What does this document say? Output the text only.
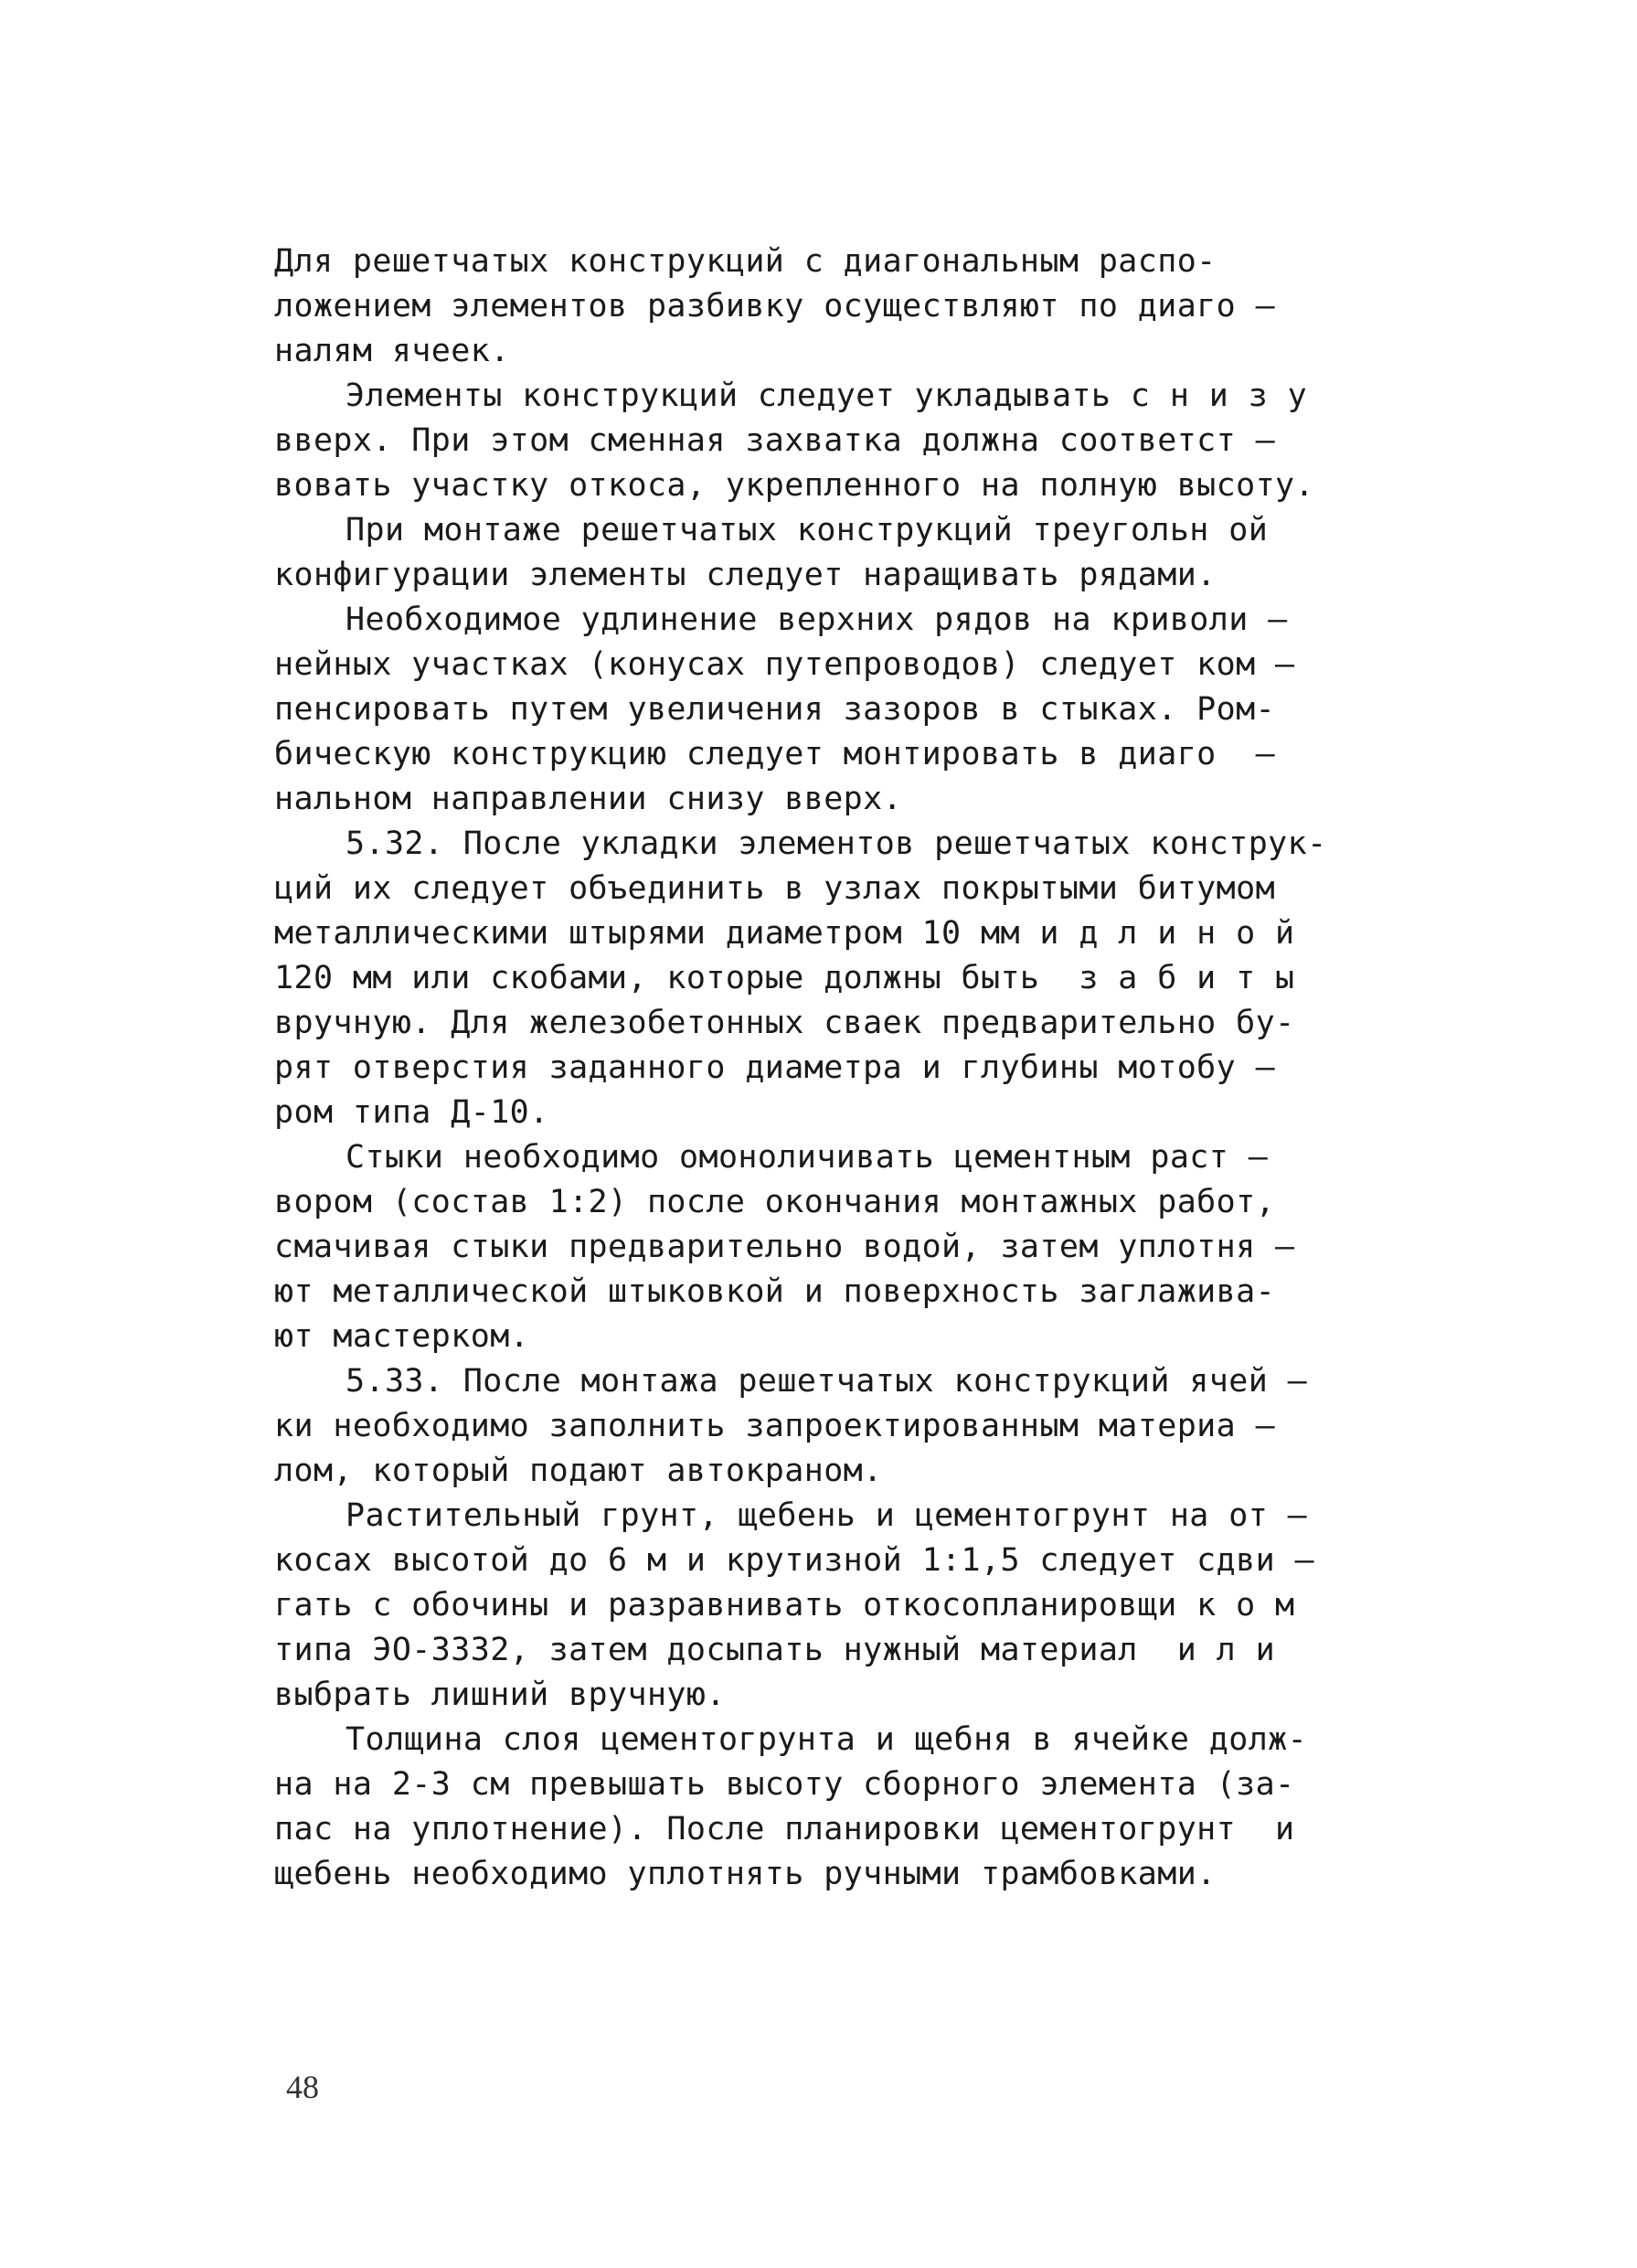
Для решетчатых конструкций с диагональным распо-
ложением элементов разбивку осуществляют по диаго –
налям ячеек.
Элементы конструкций следует укладывать с н и з у
вверх. При этом сменная захватка должна соответст –
вовать участку откоса, укрепленного на полную высоту.
При монтаже решетчатых конструкций треугольн ой
конфигурации элементы следует наращивать рядами.
Необходимое удлинение верхних рядов на криволи –
нейных участках (конусах путепроводов) следует ком –
пенсировать путем увеличения зазоров в стыках. Ром-
бическую конструкцию следует монтировать в диаго  –
нальном направлении снизу вверх.
5.32. После укладки элементов решетчатых конструк-
ций их следует объединить в узлах покрытыми битумом
металлическими штырями диаметром 10 мм и д л и н о й
120 мм или скобами, которые должны быть  з а б и т ы
вручную. Для железобетонных сваек предварительно бу-
рят отверстия заданного диаметра и глубины мотобу –
ром типа Д-10.
Стыки необходимо омоноличивать цементным раст –
вором (состав 1:2) после окончания монтажных работ,
смачивая стыки предварительно водой, затем уплотня –
ют металлической штыковкой и поверхность заглажива-
ют мастерком.
5.33. После монтажа решетчатых конструкций ячей –
ки необходимо заполнить запроектированным материа –
лом, который подают автокраном.
Растительный грунт, щебень и цементогрунт на от –
косах высотой до 6 м и крутизной 1:1,5 следует сдви –
гать с обочины и разравнивать откосопланировщи к о м
типа ЭО-3332, затем досыпать нужный материал  и л и
выбрать лишний вручную.
Толщина слоя цементогрунта и щебня в ячейке долж-
на на 2-3 см превышать высоту сборного элемента (за-
пас на уплотнение). После планировки цементогрунт  и
щебень необходимо уплотнять ручными трамбовками.
48
